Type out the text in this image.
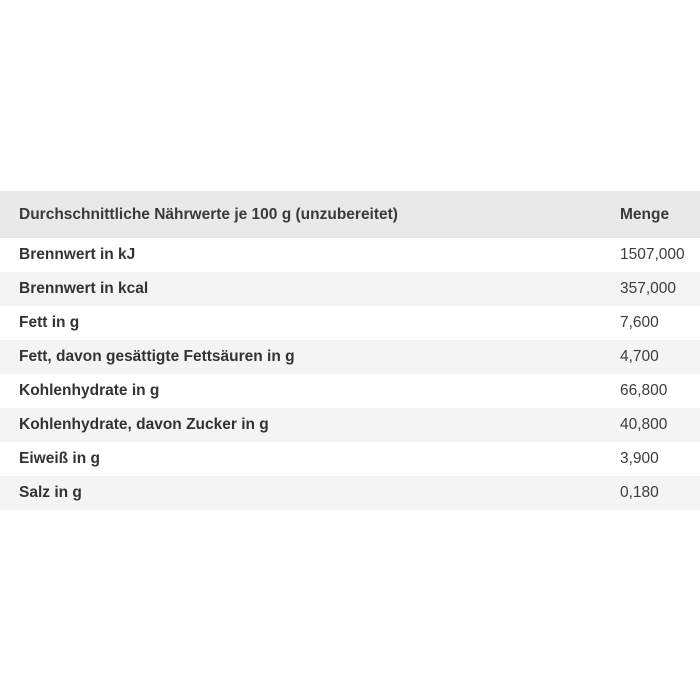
Durchschnittliche Nährwerte je 100 g (unzubereitet)	Menge
Brennwert in kJ	1507,000
Brennwert in kcal	357,000
Fett in g	7,600
Fett, davon gesättigte Fettsäuren in g	4,700
Kohlenhydrate in g	66,800
Kohlenhydrate, davon Zucker in g	40,800
Eiweiß in g	3,900
Salz in g	0,180
